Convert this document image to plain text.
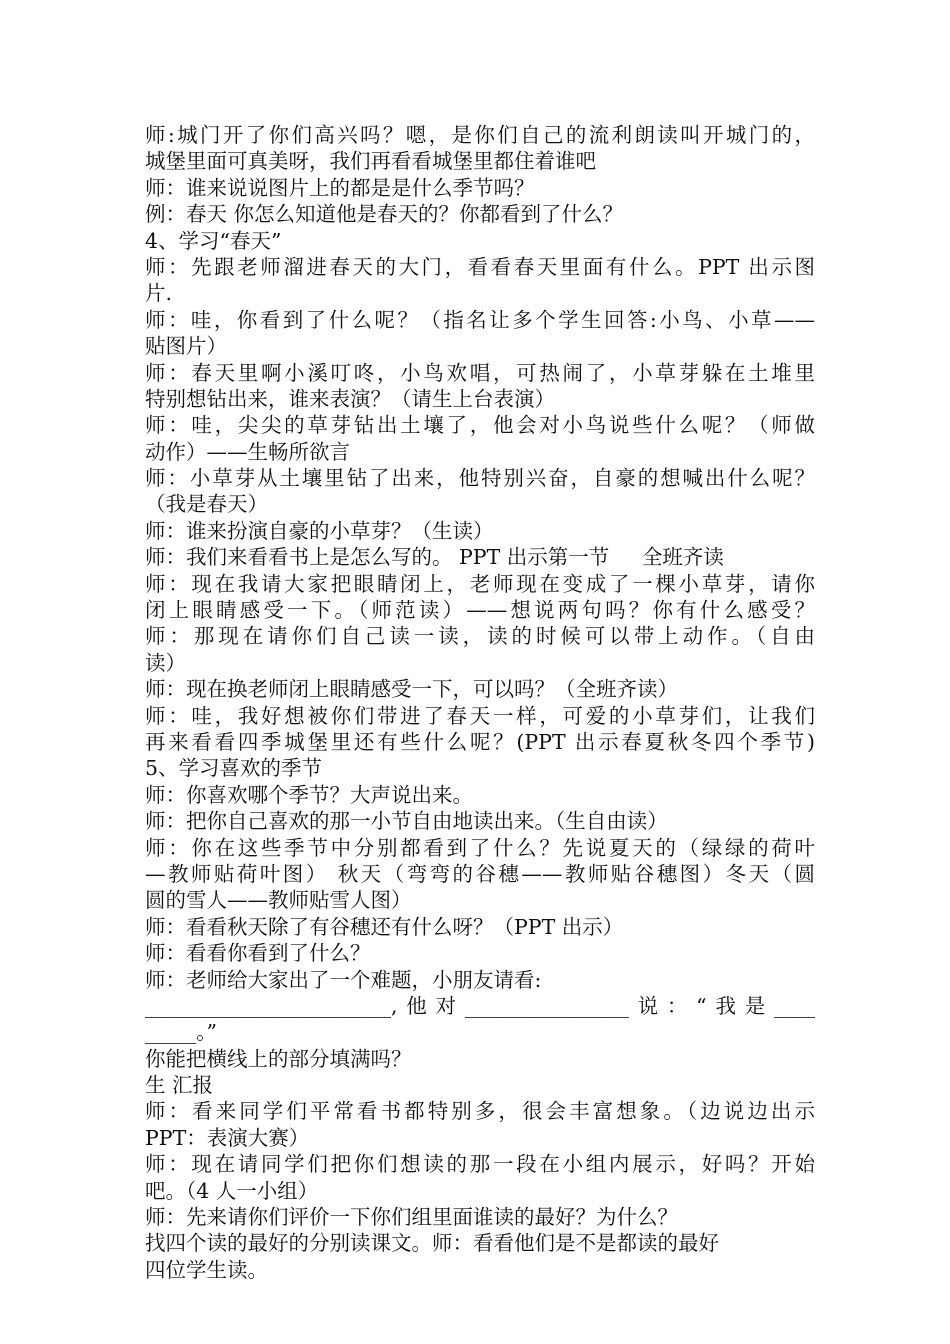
师:城门开了你们高兴吗？嗯，是你们自己的流利朗读叫开城门的，
城堡里面可真美呀，我们再看看城堡里都住着谁吧
师：谁来说说图片上的都是是什么季节吗？
例：春天 你怎么知道他是春天的？你都看到了什么？
4、学习“春天”
师：先跟老师溜进春天的大门，看看春天里面有什么。PPT 出示图
片.
师：哇，你看到了什么呢？（指名让多个学生回答:小鸟、小草——
贴图片）
师：春天里啊小溪叮咚，小鸟欢唱，可热闹了，小草芽躲在土堆里
特别想钻出来，谁来表演？（请生上台表演）
师：哇，尖尖的草芽钻出土壤了，他会对小鸟说些什么呢？（师做
动作）——生畅所欲言
师：小草芽从土壤里钻了出来，他特别兴奋，自豪的想喊出什么呢？
（我是春天）
师：谁来扮演自豪的小草芽？（生读）
师：我们来看看书上是怎么写的。 PPT 出示第一节     全班齐读
师：现在我请大家把眼睛闭上，老师现在变成了一棵小草芽，请你
闭上眼睛感受一下。（师范读）——想说两句吗？你有什么感受？
师：那现在请你们自己读一读，读的时候可以带上动作。（自由
读）
师：现在换老师闭上眼睛感受一下，可以吗？（全班齐读）
师：哇，我好想被你们带进了春天一样，可爱的小草芽们，让我们
再来看看四季城堡里还有些什么呢？(PPT 出示春夏秋冬四个季节)
5、学习喜欢的季节
师：你喜欢哪个季节？大声说出来。
师：把你自己喜欢的那一小节自由地读出来。（生自由读）
师：你在这些季节中分别都看到了什么？先说夏天的（绿绿的荷叶
—教师贴荷叶图） 秋天（弯弯的谷穗——教师贴谷穗图）冬天（圆
圆的雪人——教师贴雪人图）
师：看看秋天除了有谷穗还有什么呀？（PPT 出示）
师：看看你看到了什么？
师：老师给大家出了一个难题，小朋友请看:
________________________,他对________________说：“我是____
_____。”
你能把横线上的部分填满吗？
生 汇报
师：看来同学们平常看书都特别多，很会丰富想象。（边说边出示
PPT：表演大赛）
师：现在请同学们把你们想读的那一段在小组内展示，好吗？开始
吧。（4 人一小组）
师：先来请你们评价一下你们组里面谁读的最好？为什么？
找四个读的最好的分别读课文。师：看看他们是不是都读的最好
四位学生读。
